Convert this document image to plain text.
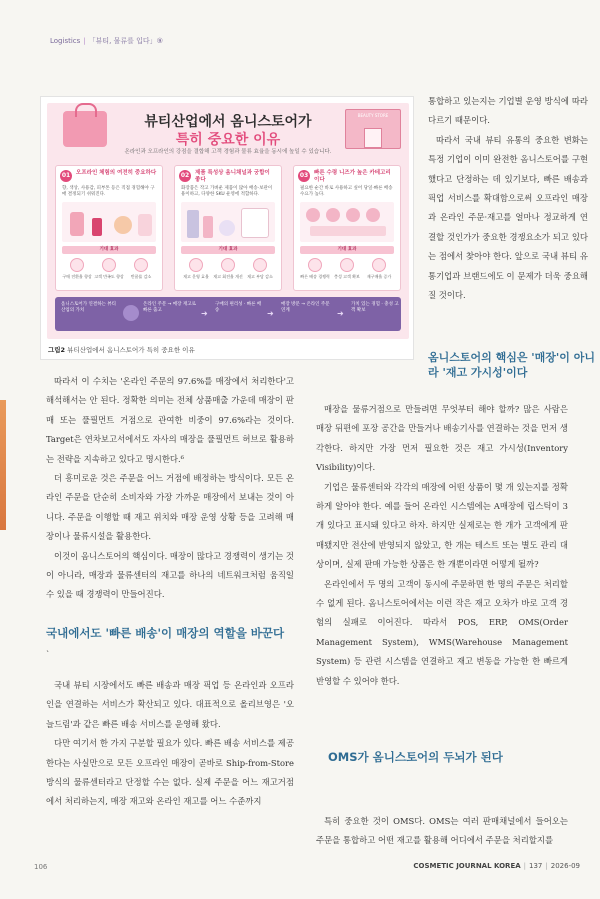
Logistics | 「뷰티, 물류를 입다」⑨
BEAUTY STORE
뷰티산업에서 옴니스토어가
특히 중요한 이유
온라인과 오프라인의 강점을 결합해 고객 경험과 물류 효율을 동시에 높일 수 있습니다.
01	오프라인 체험의 여전히 중요하다
향, 색상, 사용감, 피부톤 등은 직접 경험해야 구매 결정되기 쉬워진다.
기대 효과
구매 전환율 향상 고객 만족도 향상	반품률 감소
02	제품 특성상 옴니채널과 궁합이 좋다
화장품은 작고 가벼운 제품이 많아 배송·보관이 용이하고, 다양한 SKU 운영에 적합하다.
기대 효과
재고 운영 효율	재고 회전율 개선	재고 부담 감소
03	빠른 수령 니즈가 높은 카테고리이다
필요한 순간 바로 사용하고 싶어 당일·빠른 배송 수요가 높다.
기대 효과
빠른 배송 경쟁력	충성 고객 확보	재구매율 증가
옴니스토어가 연결하는 뷰티산업의 가치
온라인 주문 → 매장 재고로 빠른 출고	➜
구매의 편리성 · 빠른 배송	➜
매장 방문 → 온라인 주문 연계	➜
가치 있는 경험 · 충성 고객 확보
그림2 뷰티산업에서 옴니스토어가 특히 중요한 이유

따라서 이 수치는 '온라인 주문의 97.6%를 매장에서 처리한다'고 해석해서는 안 된다. 정확한 의미는 전체 상품매출 가운데 매장이 판매 또는 풀필먼트 거점으로 관여한 비중이 97.6%라는 것이다. Target은 연차보고서에서도 자사의 매장을 풀필먼트 허브로 활용하는 전략을 지속하고 있다고 명시한다.⁶

더 흥미로운 것은 주문을 어느 거점에 배정하는 방식이다. 모든 온라인 주문을 단순히 소비자와 가장 가까운 매장에서 보내는 것이 아니다. 주문을 이행할 때 재고 위치와 매장 운영 상황 등을 고려해 매장이나 물류시설을 활용한다.

이것이 옴니스토어의 핵심이다. 매장이 많다고 경쟁력이 생기는 것이 아니라, 매장과 물류센터의 재고를 하나의 네트워크처럼 움직일 수 있을 때 경쟁력이 만들어진다.

국내에서도 '빠른 배송'이 매장의 역할을 바꾼다
ˋ

국내 뷰티 시장에서도 빠른 배송과 매장 픽업 등 온라인과 오프라인을 연결하는 서비스가 확산되고 있다. 대표적으로 올리브영은 '오늘드림'과 같은 빠른 배송 서비스를 운영해 왔다.

다만 여기서 한 가지 구분할 필요가 있다. 빠른 배송 서비스를 제공한다는 사실만으로 모든 오프라인 매장이 곧바로 Ship-from-Store 방식의 물류센터라고 단정할 수는 없다. 실제 주문을 어느 재고거점에서 처리하는지, 매장 재고와 온라인 재고를 어느 수준까지

통합하고 있는지는 기업별 운영 방식에 따라 다르기 때문이다.

따라서 국내 뷰티 유통의 중요한 변화는 특정 기업이 이미 완전한 옴니스토어를 구현했다고 단정하는 데 있기보다, 빠른 배송과 픽업 서비스를 확대함으로써 오프라인 매장과 온라인 주문·재고를 얼마나 정교하게 연결할 것인가가 중요한 경쟁요소가 되고 있다는 점에서 찾아야 한다. 앞으로 국내 뷰티 유통기업과 브랜드에도 이 문제가 더욱 중요해질 것이다.

옴니스토어의 핵심은 '매장'이 아니라 '재고 가시성'이다

매장을 물류거점으로 만들려면 무엇부터 해야 할까? 많은 사람은 매장 뒤편에 포장 공간을 만들거나 배송기사를 연결하는 것을 먼저 생각한다. 하지만 가장 먼저 필요한 것은 재고 가시성(Inventory Visibility)이다.

기업은 물류센터와 각각의 매장에 어떤 상품이 몇 개 있는지를 정확하게 알아야 한다. 예를 들어 온라인 시스템에는 A매장에 립스틱이 3개 있다고 표시돼 있다고 하자. 하지만 실제로는 한 개가 고객에게 판매됐지만 전산에 반영되지 않았고, 한 개는 테스트 또는 별도 관리 대상이며, 실제 판매 가능한 상품은 한 개뿐이라면 어떻게 될까?

온라인에서 두 명의 고객이 동시에 주문하면 한 명의 주문은 처리할 수 없게 된다. 옴니스토어에서는 이런 작은 재고 오차가 바로 고객 경험의 실패로 이어진다. 따라서 POS, ERP, OMS(Order Management System), WMS(Warehouse Management System) 등 관련 시스템을 연결하고 재고 변동을 가능한 한 빠르게 반영할 수 있어야 한다.

OMS가 옴니스토어의 두뇌가 된다

특히 중요한 것이 OMS다. OMS는 여러 판매채널에서 들어오는 주문을 통합하고 어떤 재고를 활용해 어디에서 주문을 처리할지를

106	COSMETIC JOURNAL KOREA | 137 | 2026-09
